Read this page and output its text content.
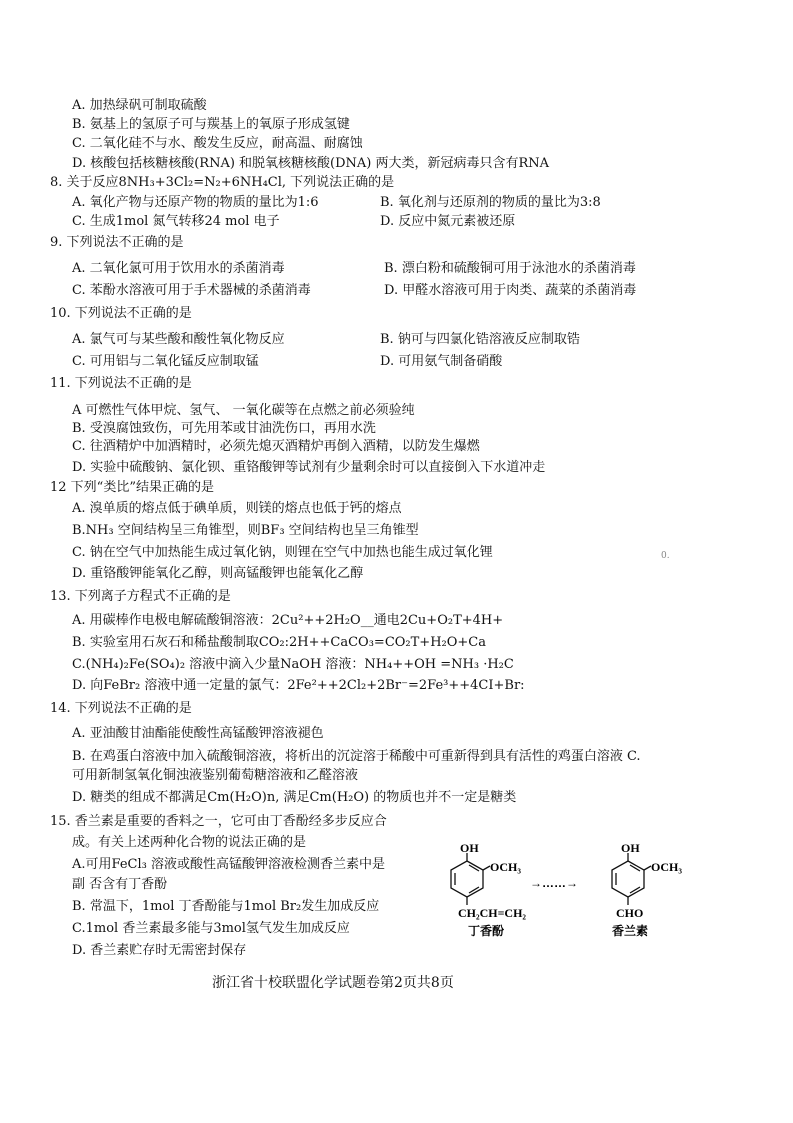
A. 加热绿矾可制取硫酸
B. 氨基上的氢原子可与羰基上的氧原子形成氢键
C. 二氧化硅不与水、酸发生反应，耐高温、耐腐蚀
D. 核酸包括核糖核酸(RNA) 和脱氧核糖核酸(DNA) 两大类，新冠病毒只含有RNA
8. 关于反应8NH₃+3Cl₂=N₂+6NH₄Cl, 下列说法正确的是
A. 氧化产物与还原产物的物质的量比为1:6	B. 氧化剂与还原剂的物质的量比为3:8
C. 生成1mol 氮气转移24 mol 电子	D. 反应中氮元素被还原
9. 下列说法不正确的是
A. 二氧化氯可用于饮用水的杀菌消毒	B. 漂白粉和硫酸铜可用于泳池水的杀菌消毒
C. 苯酚水溶液可用于手术器械的杀菌消毒	D. 甲醛水溶液可用于肉类、蔬菜的杀菌消毒
10. 下列说法不正确的是
A. 氯气可与某些酸和酸性氧化物反应	B. 钠可与四氯化锆溶液反应制取锆
C. 可用铝与二氧化锰反应制取锰	D. 可用氨气制备硝酸
11. 下列说法不正确的是
A 可燃性气体甲烷、氢气、 一氧化碳等在点燃之前必须验纯
B. 受溴腐蚀致伤，可先用苯或甘油洗伤口，再用水洗
C. 往酒精炉中加酒精时，必须先熄灭酒精炉再倒入酒精，以防发生爆燃
D. 实验中硫酸钠、氯化钡、重铬酸钾等试剂有少量剩余时可以直接倒入下水道冲走
12 下列“类比”结果正确的是
A. 溴单质的熔点低于碘单质，则镁的熔点也低于钙的熔点
B.NH₃ 空间结构呈三角锥型，则BF₃ 空间结构也呈三角锥型
C. 钠在空气中加热能生成过氧化钠，则锂在空气中加热也能生成过氧化锂
D. 重铬酸钾能氧化乙醇，则高锰酸钾也能氧化乙醇
0.
13. 下列离子方程式不正确的是
A. 用碳棒作电极电解硫酸铜溶液：2Cu²++2H₂O__通电2Cu+O₂T+4H+
B. 实验室用石灰石和稀盐酸制取CO₂:2H++CaCO₃=CO₂T+H₂O+Ca
C.(NH₄)₂Fe(SO₄)₂ 溶液中滴入少量NaOH 溶液：NH₄++OH =NH₃ ·H₂C
D. 向FeBr₂ 溶液中通一定量的氯气：2Fe²++2Cl₂+2Br⁻=2Fe³++4CI+Br:
14. 下列说法不正确的是
A. 亚油酸甘油酯能使酸性高锰酸钾溶液褪色
B. 在鸡蛋白溶液中加入硫酸铜溶液，将析出的沉淀溶于稀酸中可重新得到具有活性的鸡蛋白溶液 C.
可用新制氢氧化铜浊液鉴别葡萄糖溶液和乙醛溶液
D. 糖类的组成不都满足Cm(H₂O)n, 满足Cm(H₂O) 的物质也并不一定是糖类
15. 香兰素是重要的香料之一，它可由丁香酚经多步反应合
成。有关上述两种化合物的说法正确的是
A.可用FeCl₃ 溶液或酸性高锰酸钾溶液检测香兰素中是
副 否含有丁香酚
B. 常温下，1mol 丁香酚能与1mol Br₂发生加成反应
C.1mol 香兰素最多能与3mol氢气发生加成反应
D. 香兰素贮存时无需密封保存
OH
OCH₃
CH₂CH=CH₂
丁香酚
→……→
OH
OCH₃
CHO
香兰素
浙江省十校联盟化学试题卷第2页共8页
